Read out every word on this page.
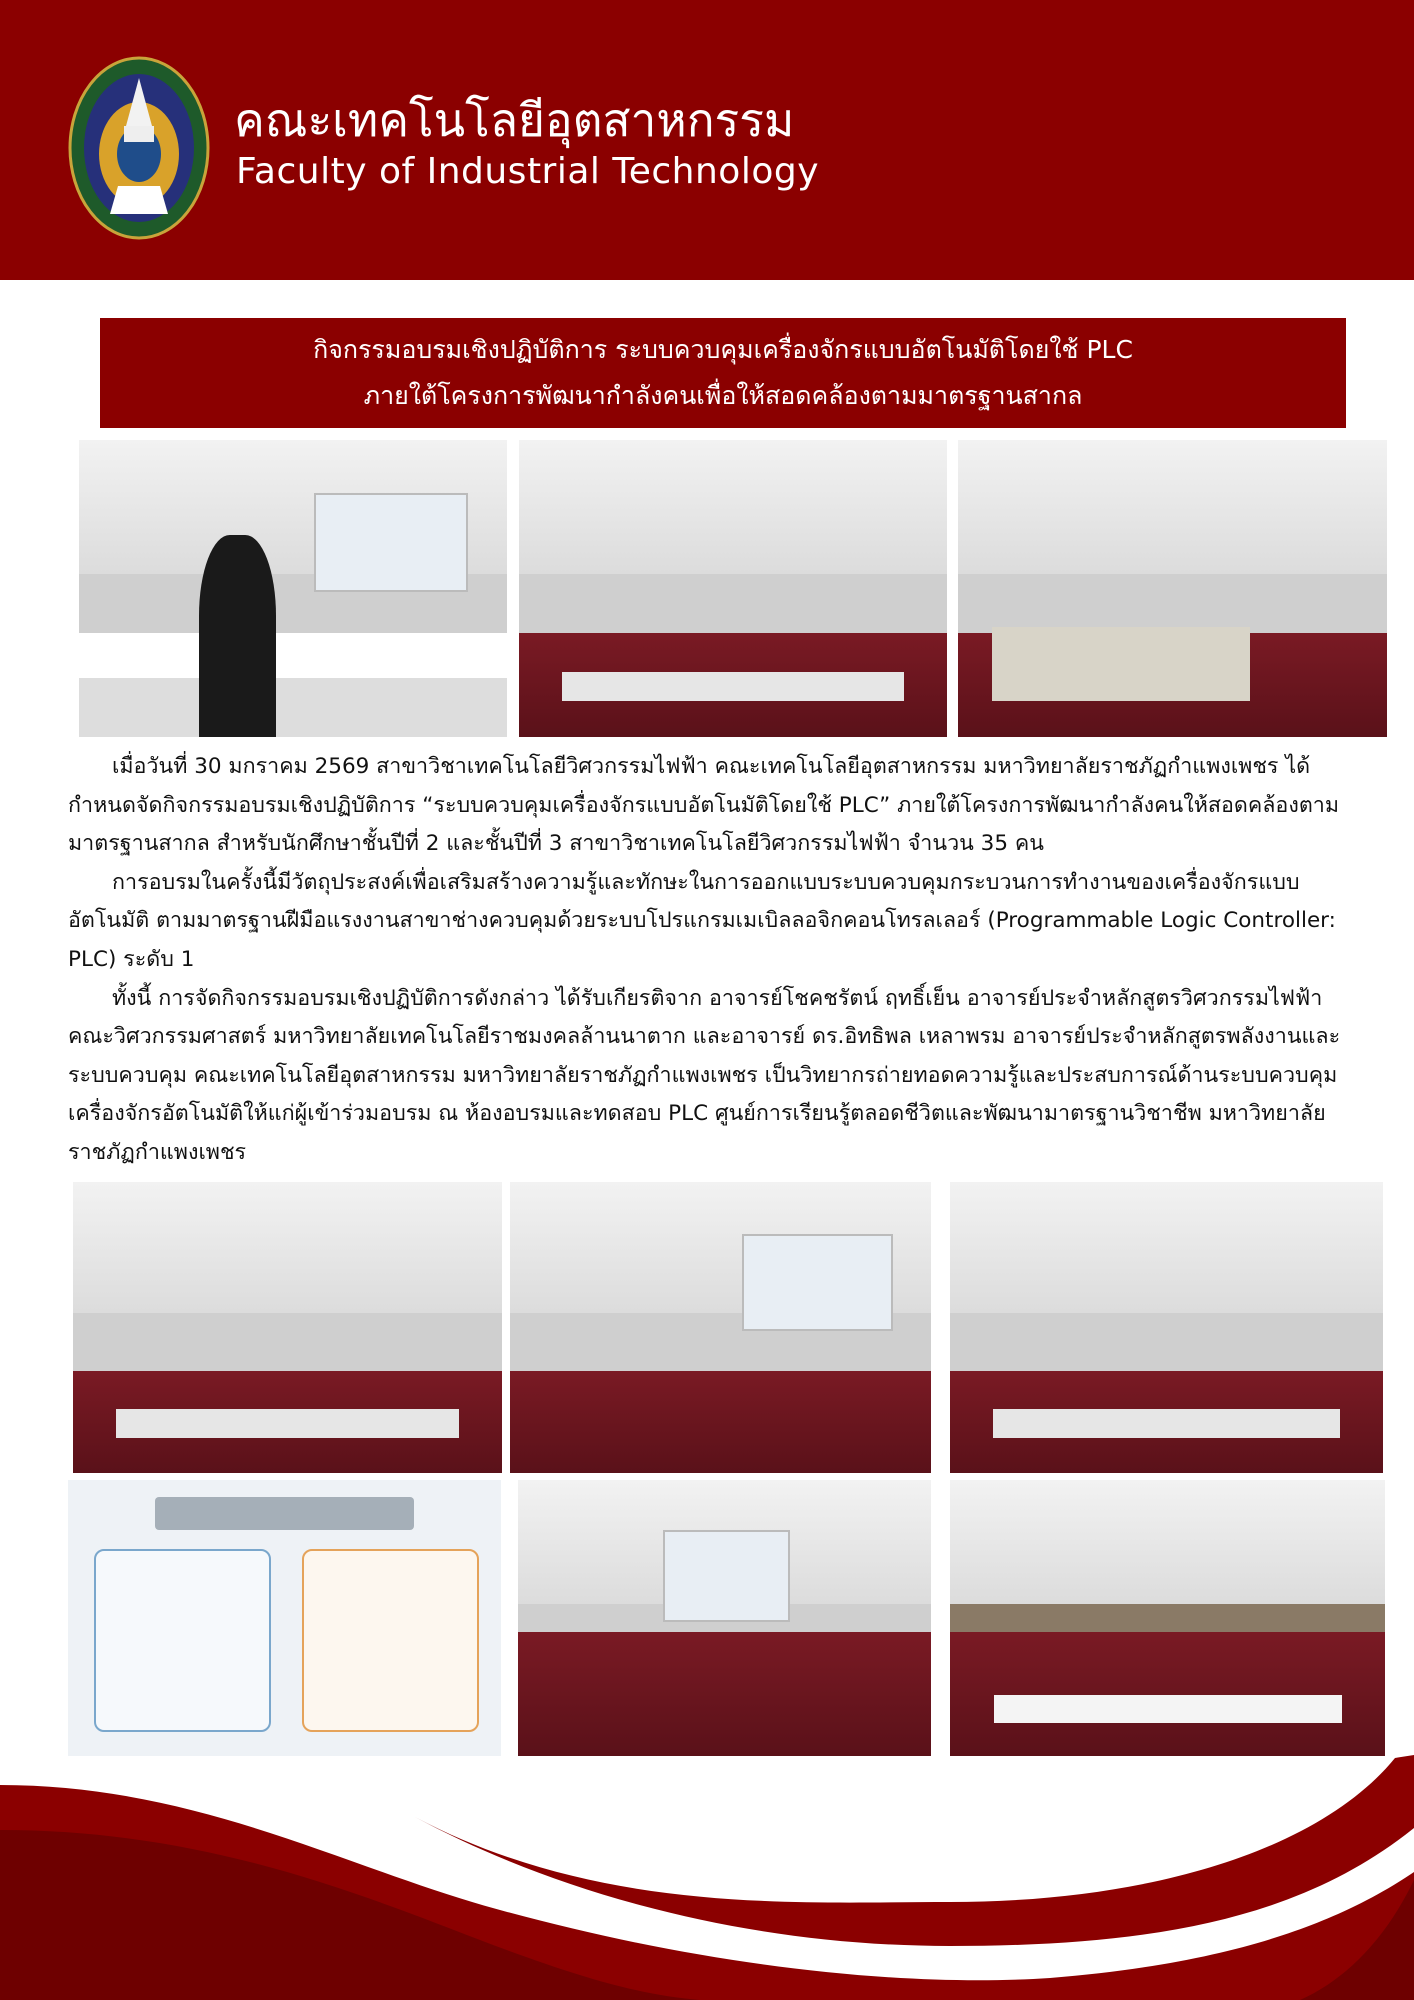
คณะเทคโนโลยีอุตสาหกรรม
Faculty of Industrial Technology
กิจกรรมอบรมเชิงปฏิบัติการ ระบบควบคุมเครื่องจักรแบบอัตโนมัติโดยใช้ PLC
ภายใต้โครงการพัฒนากำลังคนเพื่อให้สอดคล้องตามมาตรฐานสากล

เมื่อวันที่ 30 มกราคม 2569 สาขาวิชาเทคโนโลยีวิศวกรรมไฟฟ้า คณะเทคโนโลยีอุตสาหกรรม มหาวิทยาลัยราชภัฏกำแพงเพชร ได้กำหนดจัดกิจกรรมอบรมเชิงปฏิบัติการ “ระบบควบคุมเครื่องจักรแบบอัตโนมัติโดยใช้ PLC” ภายใต้โครงการพัฒนากำลังคนให้สอดคล้องตามมาตรฐานสากล สำหรับนักศึกษาชั้นปีที่ 2 และชั้นปีที่ 3 สาขาวิชาเทคโนโลยีวิศวกรรมไฟฟ้า จำนวน 35 คน

การอบรมในครั้งนี้มีวัตถุประสงค์เพื่อเสริมสร้างความรู้และทักษะในการออกแบบระบบควบคุมกระบวนการทำงานของเครื่องจักรแบบอัตโนมัติ ตามมาตรฐานฝีมือแรงงานสาขาช่างควบคุมด้วยระบบโปรแกรมเมเบิลลอจิกคอนโทรลเลอร์ (Programmable Logic Controller: PLC) ระดับ 1

ทั้งนี้ การจัดกิจกรรมอบรมเชิงปฏิบัติการดังกล่าว ได้รับเกียรติจาก อาจารย์โชคชรัตน์ ฤทธิ์เย็น อาจารย์ประจำหลักสูตรวิศวกรรมไฟฟ้า คณะวิศวกรรมศาสตร์ มหาวิทยาลัยเทคโนโลยีราชมงคลล้านนาตาก และอาจารย์ ดร.อิทธิพล เหลาพรม อาจารย์ประจำหลักสูตรพลังงานและระบบควบคุม คณะเทคโนโลยีอุตสาหกรรม มหาวิทยาลัยราชภัฏกำแพงเพชร เป็นวิทยากรถ่ายทอดความรู้และประสบการณ์ด้านระบบควบคุมเครื่องจักรอัตโนมัติให้แก่ผู้เข้าร่วมอบรม ณ ห้องอบรมและทดสอบ PLC ศูนย์การเรียนรู้ตลอดชีวิตและพัฒนามาตรฐานวิชาชีพ มหาวิทยาลัยราชภัฏกำแพงเพชร
